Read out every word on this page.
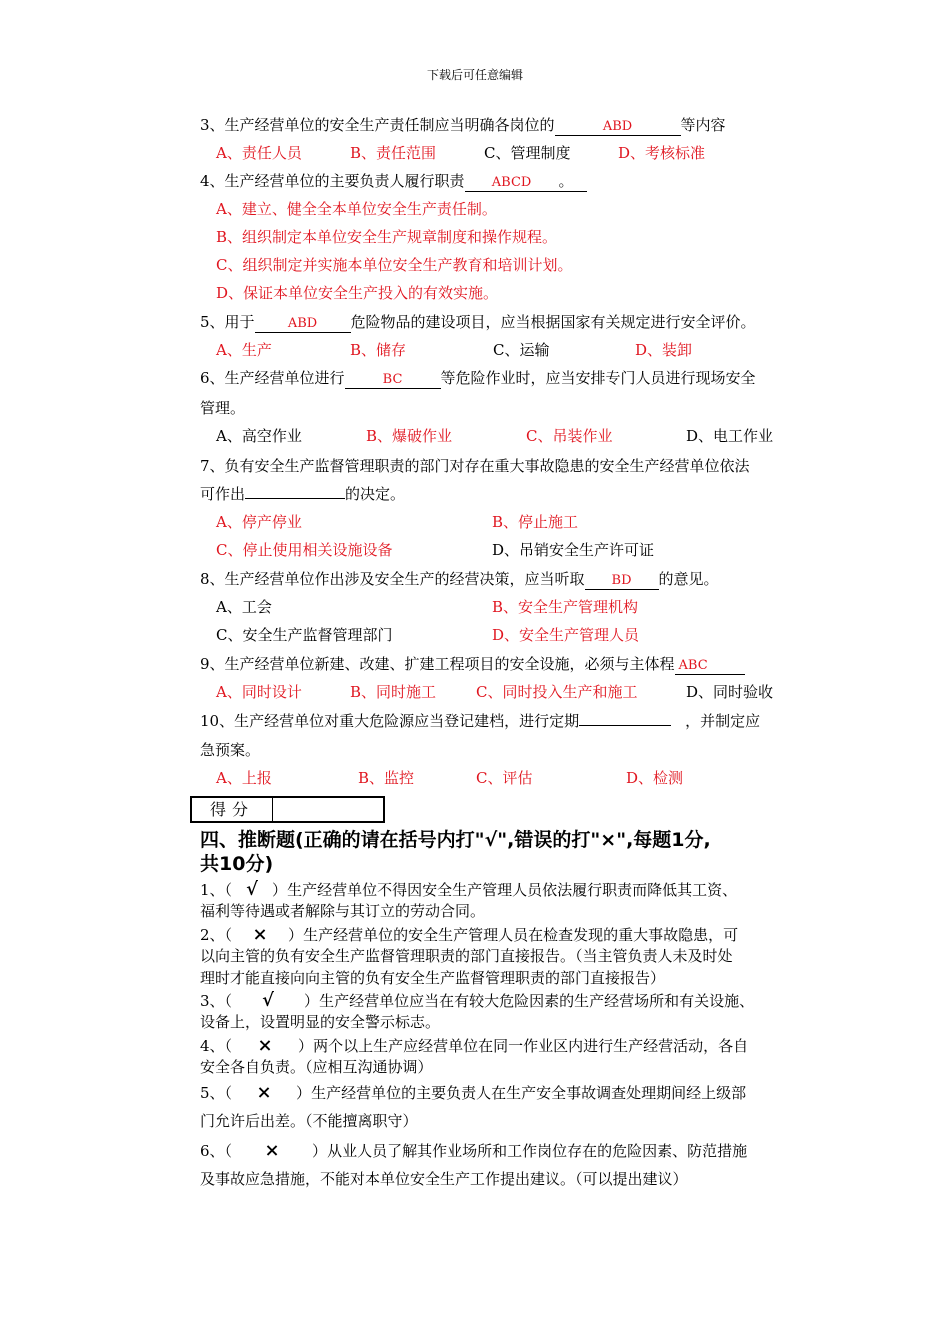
下载后可任意编辑
3、生产经营单位的安全生产责任制应当明确各岗位的	ABD	等内容
A、责任人员	B、责任范围	C、管理制度	D、考核标准
4、生产经营单位的主要负责人履行职责 ABCD 。
A、建立、健全全本单位安全生产责任制。
B、组织制定本单位安全生产规章制度和操作规程。
C、组织制定并实施本单位安全生产教育和培训计划。
D、保证本单位安全生产投入的有效实施。
5、用于	ABD 危险物品的建设项目，应当根据国家有关规定进行安全评价。
A、生产	B、储存	C、运输	D、装卸
6、生产经营单位进行	BC	等危险作业时，应当安排专门人员进行现场安全
管理。
A、高空作业	B、爆破作业	C、吊装作业	D、电工作业
7、负有安全生产监督管理职责的部门对存在重大事故隐患的安全生产经营单位依法
可作出	的决定。
A、停产停业	B、停止施工
C、停止使用相关设施设备	D、吊销安全生产许可证
8、生产经营单位作出涉及安全生产的经营决策，应当听取 BD 的意见。
A、工会	B、安全生产管理机构
C、安全生产监督管理部门	D、安全生产管理人员
9、生产经营单位新建、改建、扩建工程项目的安全设施，必须与主体程 ABC
A、同时设计	B、同时施工	C、同时投入生产和施工	D、同时验收
10、生产经营单位对重大危险源应当登记建档，进行定期	，并制定应
急预案。
A、上报	B、监控	C、评估	D、检测
得分
四、推断题(正确的请在括号内打"√",错误的打"×",每题1分,
共10分)
1、（ √ ）生产经营单位不得因安全生产管理人员依法履行职责而降低其工资、
福利等待遇或者解除与其订立的劳动合同。
2、（ × ）生产经营单位的安全生产管理人员在检查发现的重大事故隐患，可
以向主管的负有安全生产监督管理职责的部门直接报告。（当主管负责人未及时处
理时才能直接向向主管的负有安全生产监督管理职责的部门直接报告）
3、（ √ ）生产经营单位应当在有较大危险因素的生产经营场所和有关设施、
设备上，设置明显的安全警示标志。
4、（ × ）两个以上生产应经营单位在同一作业区内进行生产经营活动，各自
安全各自负责。（应相互沟通协调）
5、（ × ）生产经营单位的主要负责人在生产安全事故调查处理期间经上级部
门允许后出差。（不能擅离职守）
6、（ × ）从业人员了解其作业场所和工作岗位存在的危险因素、防范措施
及事故应急措施，不能对本单位安全生产工作提出建议。（可以提出建议）
